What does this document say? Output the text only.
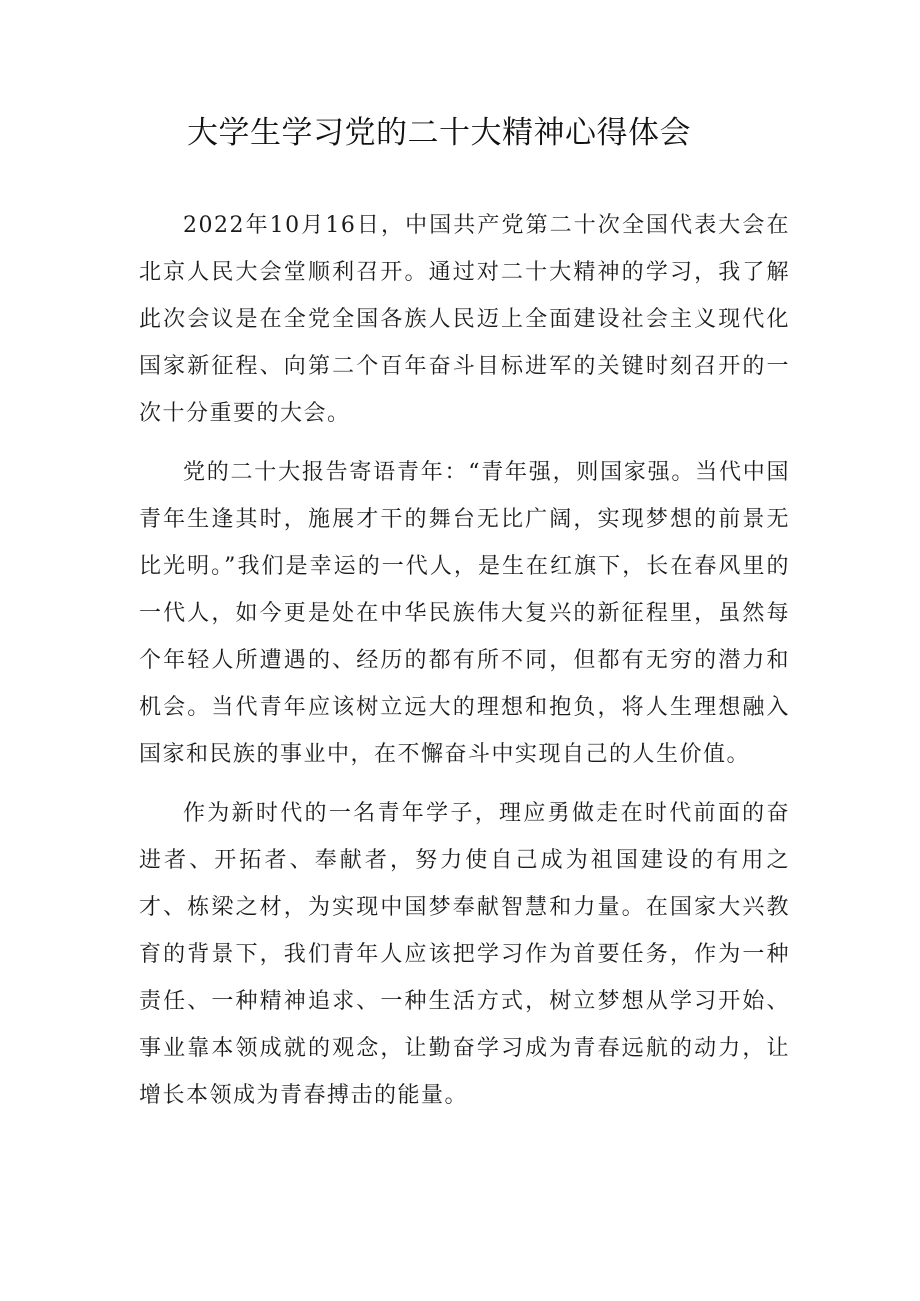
大学生学习党的二十大精神心得体会

2022年10月16日，中国共产党第二十次全国代表大会在北京人民大会堂顺利召开。通过对二十大精神的学习，我了解此次会议是在全党全国各族人民迈上全面建设社会主义现代化国家新征程、向第二个百年奋斗目标进军的关键时刻召开的一次十分重要的大会。

党的二十大报告寄语青年：“青年强，则国家强。当代中国青年生逢其时，施展才干的舞台无比广阔，实现梦想的前景无比光明。”我们是幸运的一代人，是生在红旗下，长在春风里的一代人，如今更是处在中华民族伟大复兴的新征程里，虽然每个年轻人所遭遇的、经历的都有所不同，但都有无穷的潜力和机会。当代青年应该树立远大的理想和抱负，将人生理想融入国家和民族的事业中，在不懈奋斗中实现自己的人生价值。

作为新时代的一名青年学子，理应勇做走在时代前面的奋进者、开拓者、奉献者，努力使自己成为祖国建设的有用之才、栋梁之材，为实现中国梦奉献智慧和力量。在国家大兴教育的背景下，我们青年人应该把学习作为首要任务，作为一种责任、一种精神追求、一种生活方式，树立梦想从学习开始、事业靠本领成就的观念，让勤奋学习成为青春远航的动力，让增长本领成为青春搏击的能量。
